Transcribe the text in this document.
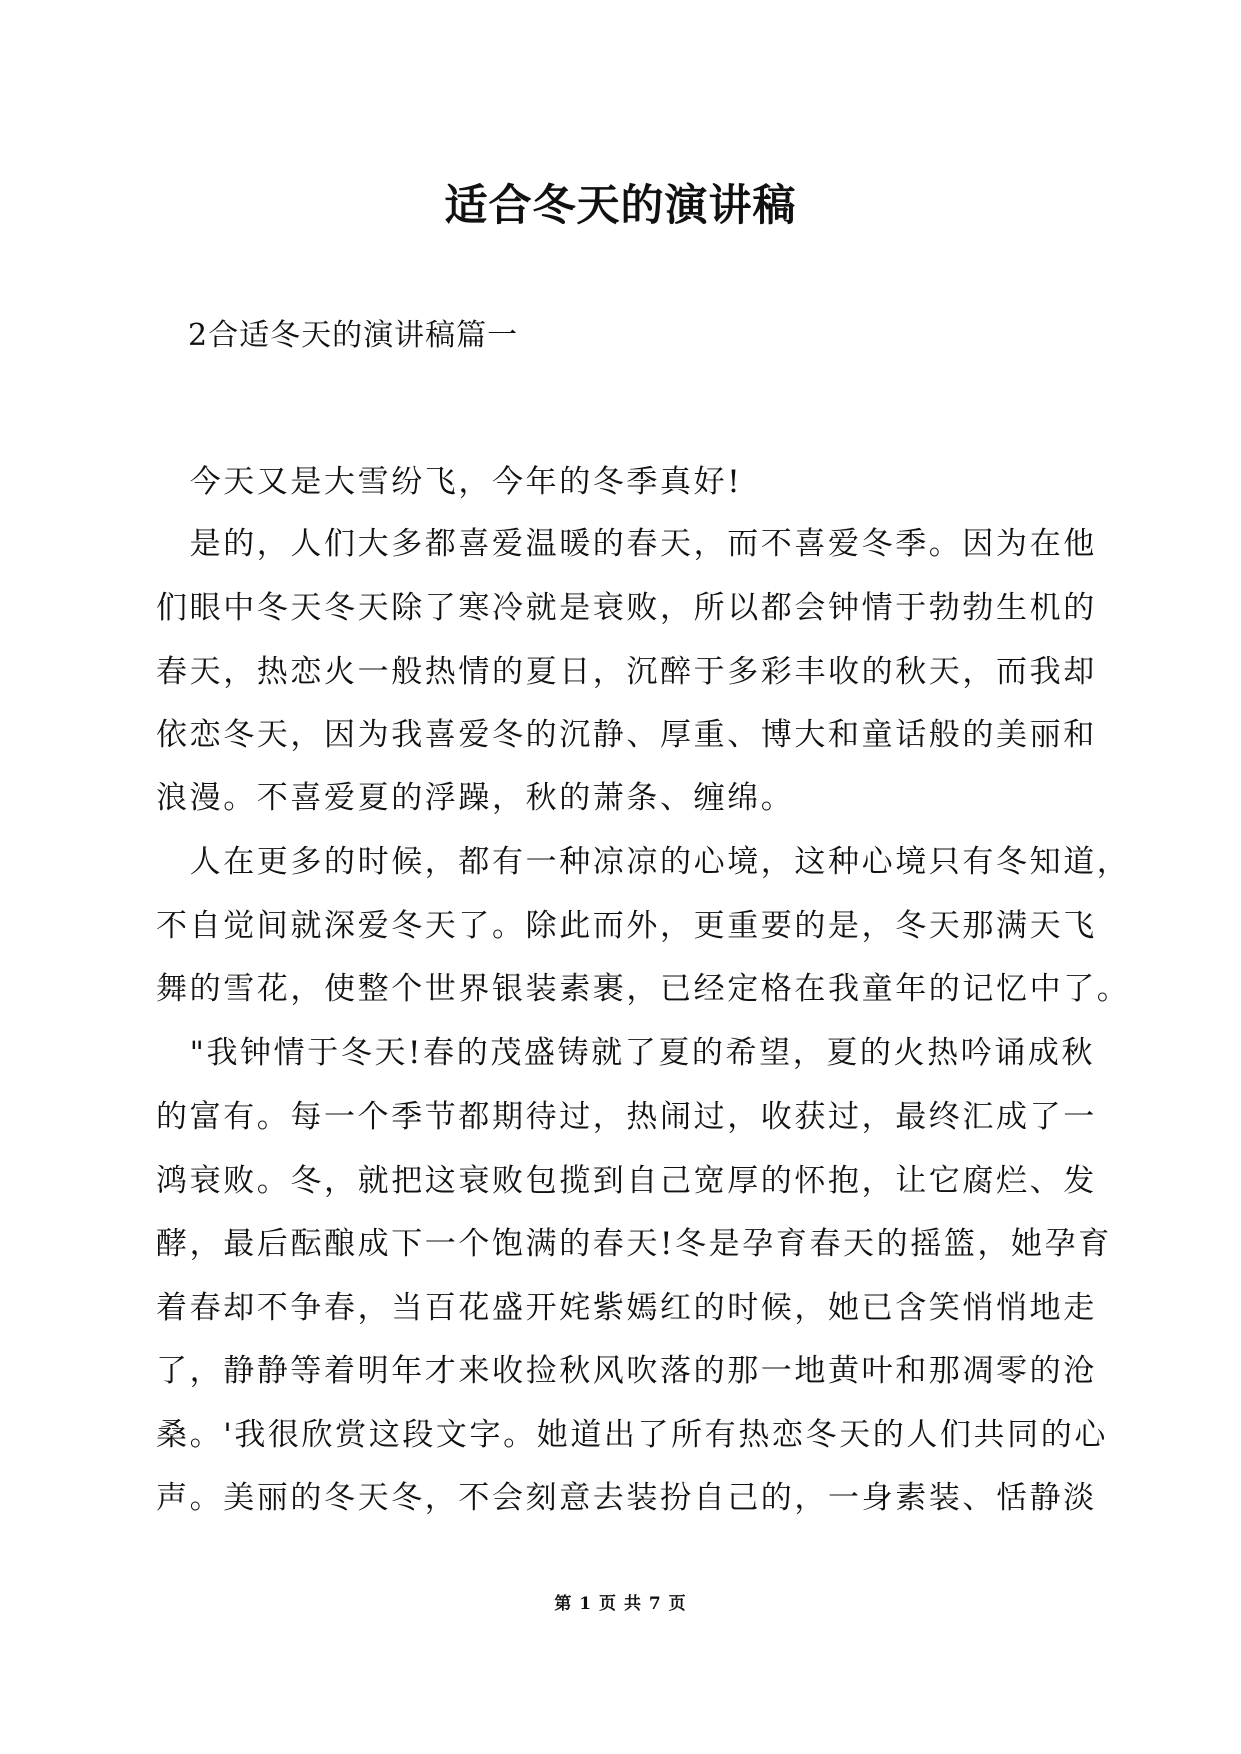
适合冬天的演讲稿
2合适冬天的演讲稿篇一
　今天又是大雪纷飞，今年的冬季真好!
　是的，人们大多都喜爱温暖的春天，而不喜爱冬季。因为在他
们眼中冬天冬天除了寒冷就是衰败，所以都会钟情于勃勃生机的
春天，热恋火一般热情的夏日，沉醉于多彩丰收的秋天，而我却
依恋冬天，因为我喜爱冬的沉静、厚重、博大和童话般的美丽和
浪漫。不喜爱夏的浮躁，秋的萧条、缠绵。
　人在更多的时候，都有一种凉凉的心境，这种心境只有冬知道，
不自觉间就深爱冬天了。除此而外，更重要的是，冬天那满天飞
舞的雪花，使整个世界银装素裹，已经定格在我童年的记忆中了。
　"我钟情于冬天!春的茂盛铸就了夏的希望，夏的火热吟诵成秋
的富有。每一个季节都期待过，热闹过，收获过，最终汇成了一
鸿衰败。冬，就把这衰败包揽到自己宽厚的怀抱，让它腐烂、发
酵，最后酝酿成下一个饱满的春天!冬是孕育春天的摇篮，她孕育
着春却不争春，当百花盛开姹紫嫣红的时候，她已含笑悄悄地走
了，静静等着明年才来收捡秋风吹落的那一地黄叶和那凋零的沧
桑。'我很欣赏这段文字。她道出了所有热恋冬天的人们共同的心
声。美丽的冬天冬，不会刻意去装扮自己的，一身素装、恬静淡
第 1 页 共 7 页
